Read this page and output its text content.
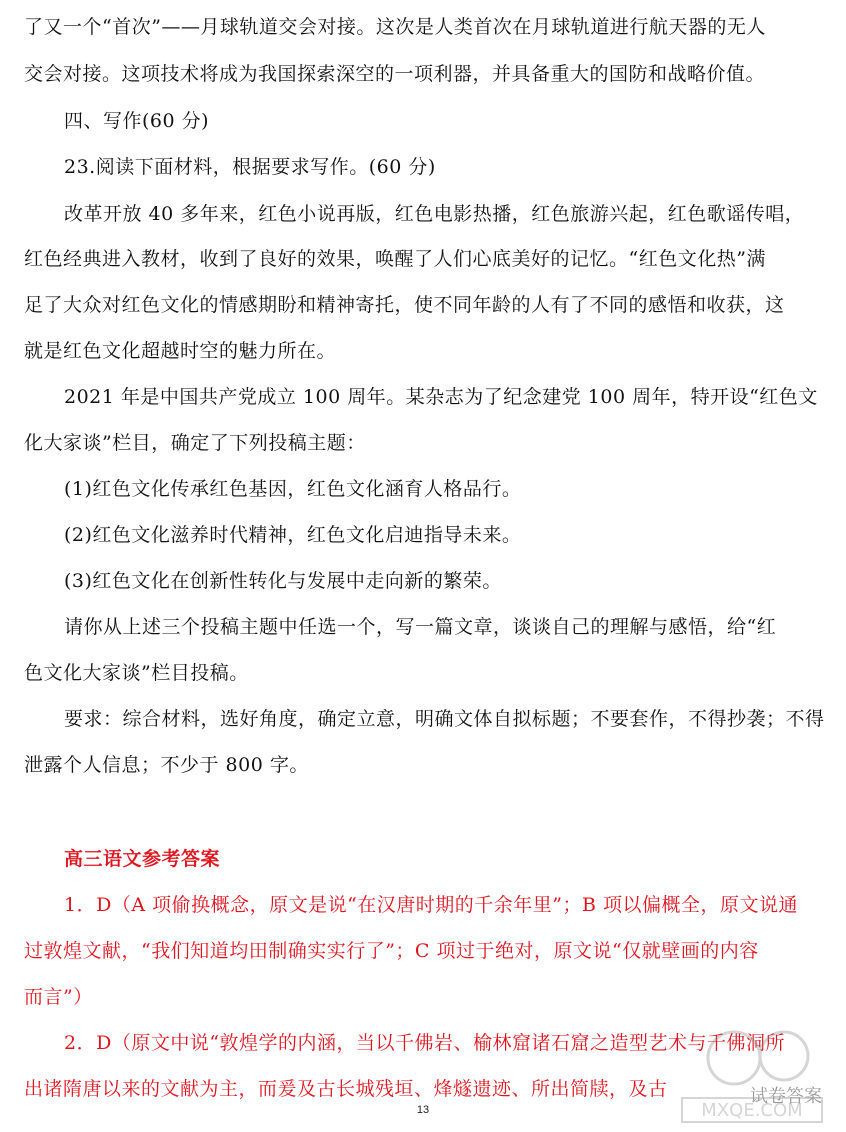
了又一个“首次”——月球轨道交会对接。这次是人类首次在月球轨道进行航天器的无人
交会对接。这项技术将成为我国探索深空的一项利器，并具备重大的国防和战略价值。
四、写作(60 分)
23.阅读下面材料，根据要求写作。(60 分)
改革开放 40 多年来，红色小说再版，红色电影热播，红色旅游兴起，红色歌谣传唱，
红色经典进入教材，收到了良好的效果，唤醒了人们心底美好的记忆。“红色文化热”满
足了大众对红色文化的情感期盼和精神寄托，使不同年龄的人有了不同的感悟和收获，这
就是红色文化超越时空的魅力所在。
2021 年是中国共产党成立 100 周年。某杂志为了纪念建党 100 周年，特开设“红色文
化大家谈”栏目，确定了下列投稿主题：
(1)红色文化传承红色基因，红色文化涵育人格品行。
(2)红色文化滋养时代精神，红色文化启迪指导未来。
(3)红色文化在创新性转化与发展中走向新的繁荣。
请你从上述三个投稿主题中任选一个，写一篇文章，谈谈自己的理解与感悟，给“红
色文化大家谈”栏目投稿。
要求：综合材料，选好角度，确定立意，明确文体自拟标题；不要套作，不得抄袭；不得
泄露个人信息；不少于 800 字。
高三语文参考答案
1．D（A 项偷换概念，原文是说“在汉唐时期的千余年里”；B 项以偏概全，原文说通
过敦煌文献，“我们知道均田制确实实行了”；C 项过于绝对，原文说“仅就壁画的内容
而言”）
2．D（原文中说“敦煌学的内涵，当以千佛岩、榆林窟诸石窟之造型艺术与千佛洞所
出诸隋唐以来的文献为主，而爰及古长城残垣、烽燧遗迹、所出简牍，及古
13	MXQE.COM
试卷答案
